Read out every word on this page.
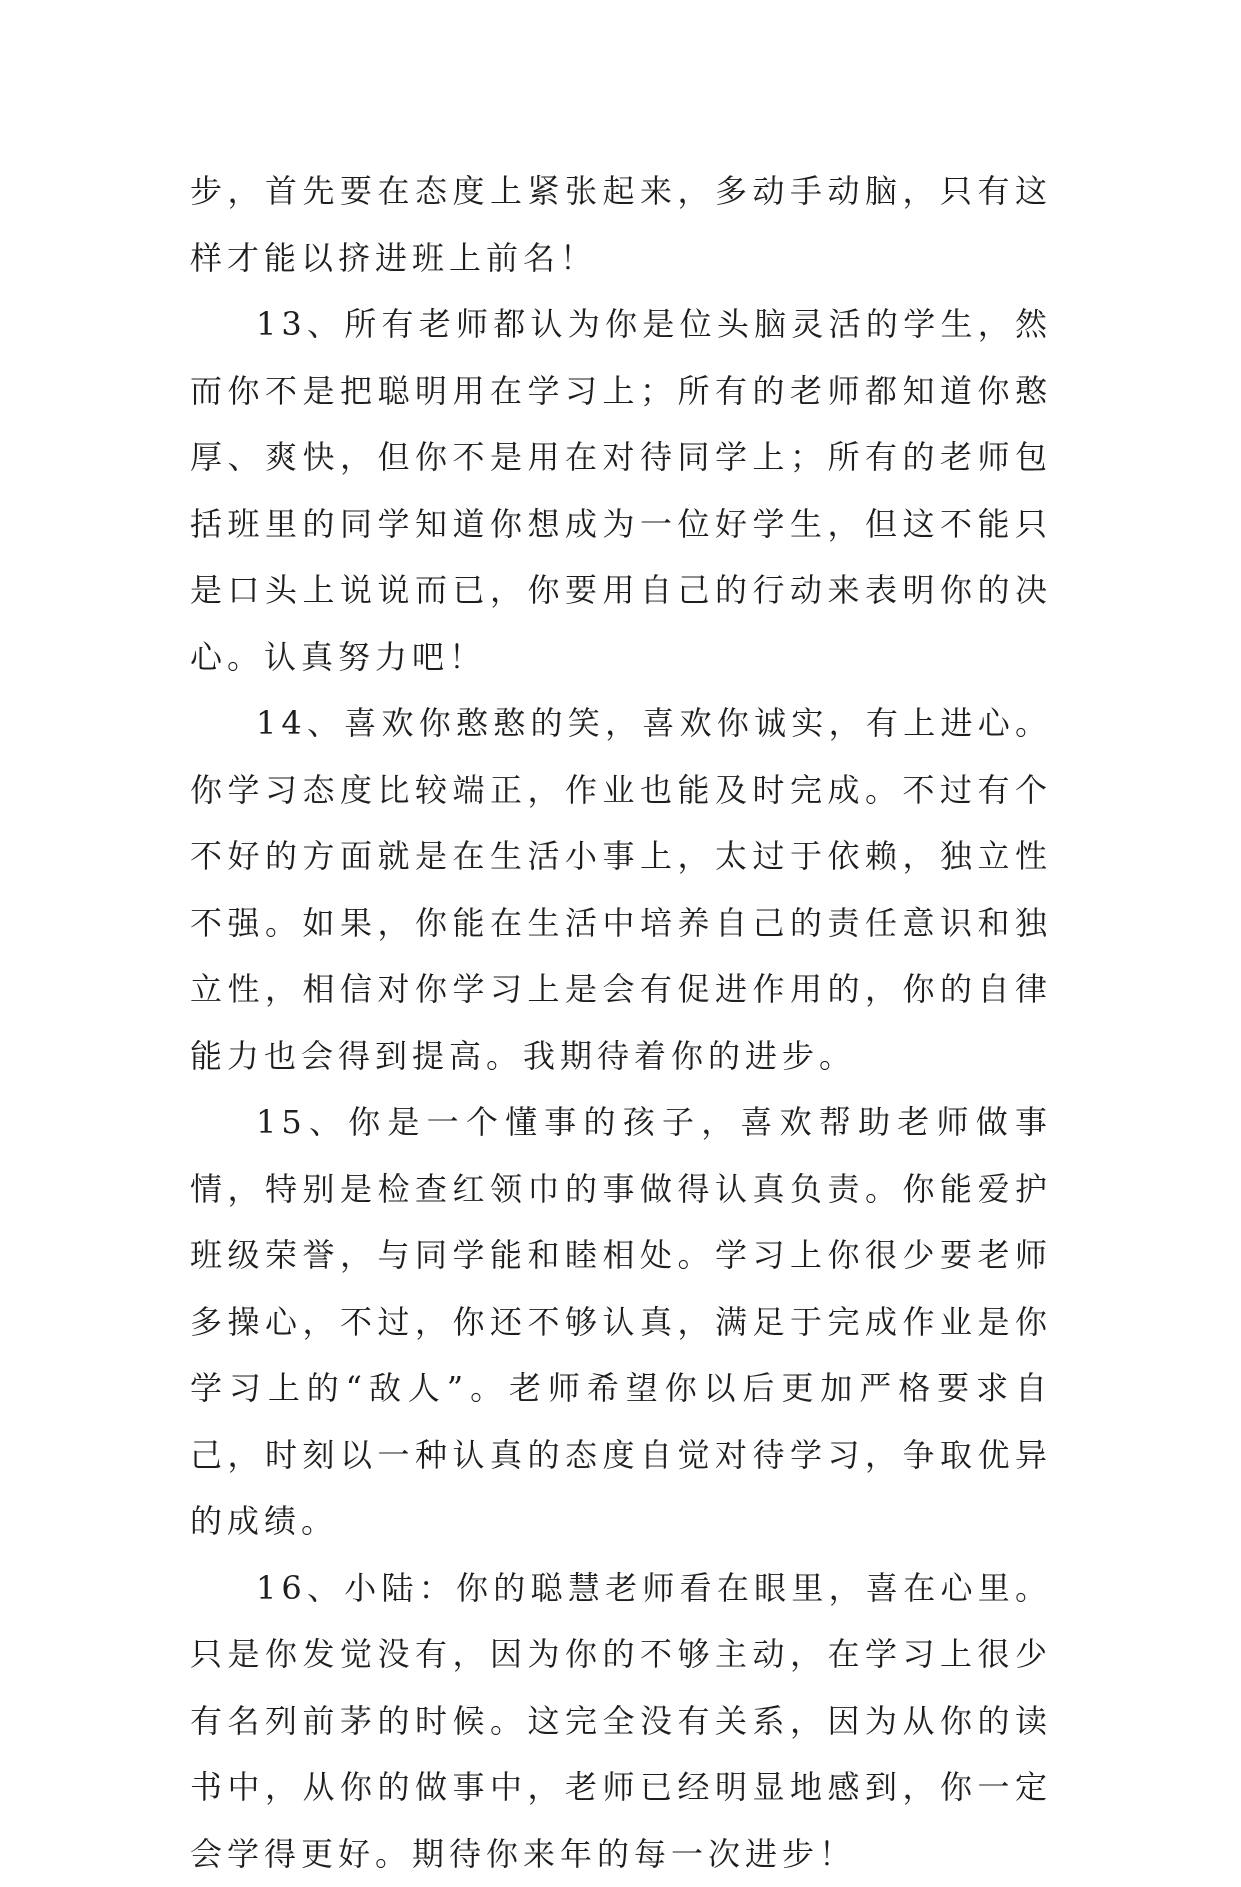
步，首先要在态度上紧张起来，多动手动脑，只有这样才能以挤进班上前名！

13、所有老师都认为你是位头脑灵活的学生，然而你不是把聪明用在学习上；所有的老师都知道你憨厚、爽快，但你不是用在对待同学上；所有的老师包括班里的同学知道你想成为一位好学生，但这不能只是口头上说说而已，你要用自己的行动来表明你的决心。认真努力吧！

14、喜欢你憨憨的笑，喜欢你诚实，有上进心。你学习态度比较端正，作业也能及时完成。不过有个不好的方面就是在生活小事上，太过于依赖，独立性不强。如果，你能在生活中培养自己的责任意识和独立性，相信对你学习上是会有促进作用的，你的自律能力也会得到提高。我期待着你的进步。

15、你是一个懂事的孩子，喜欢帮助老师做事情，特别是检查红领巾的事做得认真负责。你能爱护班级荣誉，与同学能和睦相处。学习上你很少要老师多操心，不过，你还不够认真，满足于完成作业是你学习上的“敌人”。老师希望你以后更加严格要求自己，时刻以一种认真的态度自觉对待学习，争取优异的成绩。

16、小陆：你的聪慧老师看在眼里，喜在心里。只是你发觉没有，因为你的不够主动，在学习上很少有名列前茅的时候。这完全没有关系，因为从你的读书中，从你的做事中，老师已经明显地感到，你一定会学得更好。期待你来年的每一次进步！
